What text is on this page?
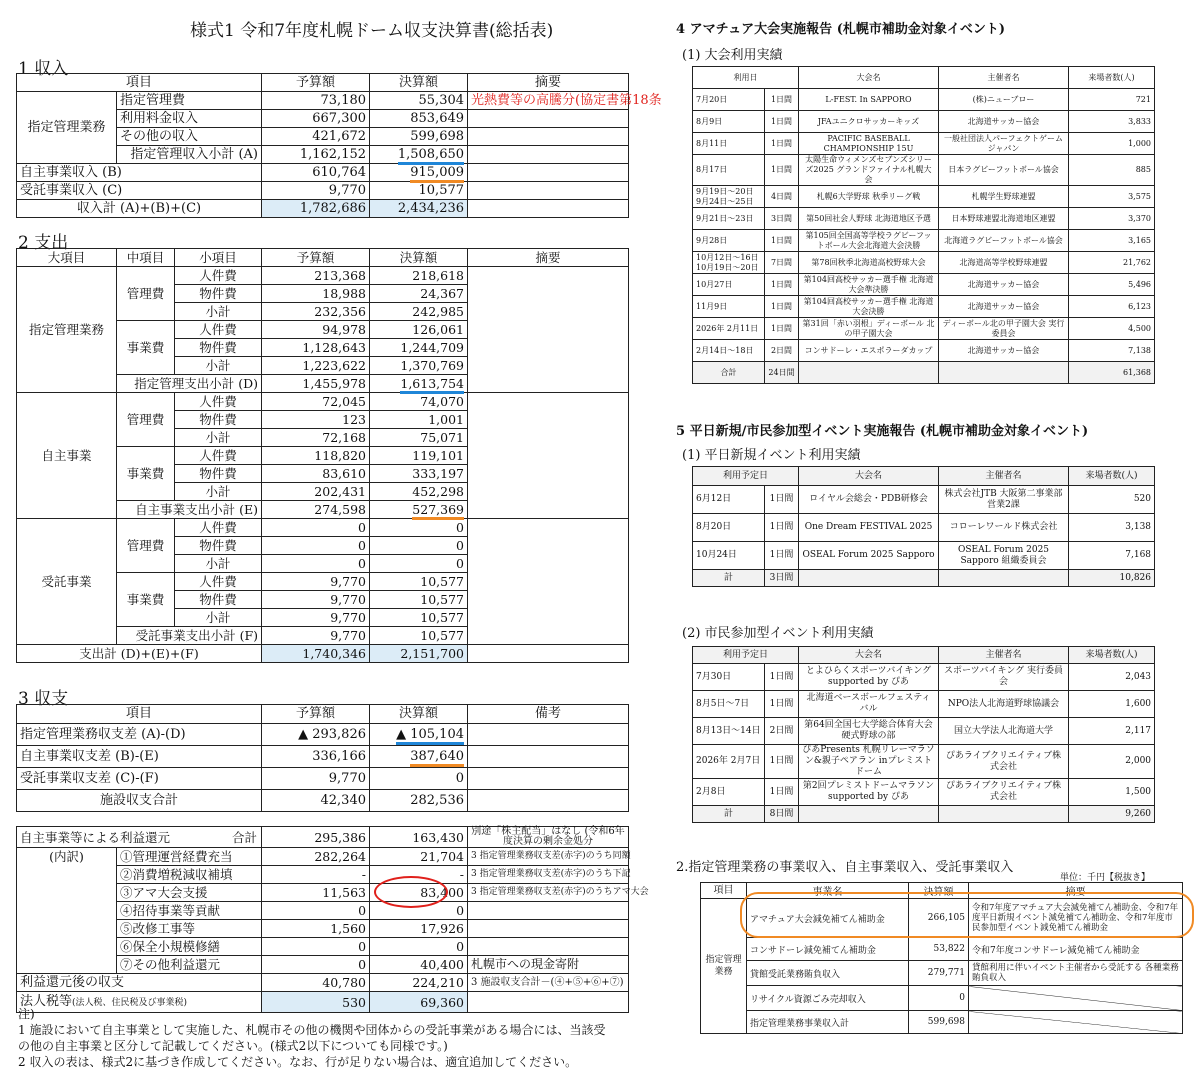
様式1 令和7年度札幌ドーム収支決算書(総括表)
1 収入
項目		予算額	決算額	摘要
指定管理業務	指定管理費	73,180	55,304	光熱費等の高騰分(協定書第18条
	利用料金収入	667,300	853,649	
	その他の収入	421,672	599,698	
	指定管理収入小計 (A)	1,162,152	1,508,650	
自主事業収入 (B)		610,764	915,009	
受託事業収入 (C)		9,770	10,577	
収入計 (A)+(B)+(C)		1,782,686	2,434,236	
2 支出
大項目	中項目	小項目	予算額	決算額	摘要
指定管理業務	管理費	人件費	213,368	218,618	
		物件費	18,988	24,367	
		小計	232,356	242,985	
	事業費	人件費	94,978	126,061	
		物件費	1,128,643	1,244,709	
		小計	1,223,622	1,370,769	
	指定管理支出小計 (D)		1,455,978	1,613,754	
自主事業	管理費	人件費	72,045	74,070	
		物件費	123	1,001	
		小計	72,168	75,071	
	事業費	人件費	118,820	119,101	
		物件費	83,610	333,197	
		小計	202,431	452,298	
	自主事業支出小計 (E)		274,598	527,369	
受託事業	管理費	人件費	0	0	
		物件費	0	0	
		小計	0	0	
	事業費	人件費	9,770	10,577	
		物件費	9,770	10,577	
		小計	9,770	10,577	
	受託事業支出小計 (F)		9,770	10,577	
支出計 (D)+(E)+(F)			1,740,346	2,151,700	
3 収支
項目	予算額	決算額	備考
指定管理業務収支差 (A)-(D)	▲ 293,826	▲ 105,104	
自主事業収支差 (B)-(E)	336,166	387,640	
受託事業収支差 (C)-(F)	9,770	0	
施設収支合計	42,340	282,536	
自主事業等による利益還元 合計		295,386	163,430	別途「株主配当」はなし (令和6年度決算の剰余金処分
(内訳)	①管理運営経費充当	282,264	21,704	3 指定管理業務収支差(赤字)のうち同額
	②消費増税減収補填	-	-	3 指定管理業務収支差(赤字)のうち下記
	③アマ大会支援	11,563	83,400	3 指定管理業務収支差(赤字)のうちアマ大会
	④招待事業等貢献	0	0	
	⑤改修工事等	1,560	17,926	
	⑥保全小規模修繕	0	0	
	⑦その他利益還元	0	40,400	札幌市への現金寄附
利益還元後の収支		40,780	224,210	3 施設収支合計－(④+⑤+⑥+⑦)
法人税等(法人税、住民税及び事業税)		530	69,360	
注)
1 施設において自主事業として実施した、札幌市その他の機関や団体からの受託事業がある場合には、当該受
の他の自主事業と区分して記載してください。(様式2以下についても同様です。)
2 収入の表は、様式2に基づき作成してください。なお、行が足りない場合は、適宜追加してください。
4 アマチュア大会実施報告 (札幌市補助金対象イベント)
(1) 大会利用実績
利用日		大会名	主催者名	来場者数(人)
7月20日	1日間	L-FEST. In SAPPORO	(株)ニューブロー	721
8月9日	1日間	JFAユニクロサッカーキッズ	北海道サッカー協会	3,833
8月11日	1日間	PACIFIC BASEBALL CHAMPIONSHIP 15U	一般社団法人パーフェクトゲームジャパン	1,000
8月17日	1日間	太陽生命ウィメンズセブンズシリーズ2025 グランドファイナル札幌大会	日本ラグビーフットボール協会	885
9月19日～20日 9月24日～25日	4日間	札幌6大学野球 秋季リーグ戦	札幌学生野球連盟	3,575
9月21日～23日	3日間	第50回社会人野球 北海道地区予選	日本野球連盟北海道地区連盟	3,370
9月28日	1日間	第105回全国高等学校ラグビーフットボール大会北海道大会決勝	北海道ラグビーフットボール協会	3,165
10月12日～16日 10月19日～20日	7日間	第78回秋季北海道高校野球大会	北海道高等学校野球連盟	21,762
10月27日	1日間	第104回高校サッカー選手権 北海道大会準決勝	北海道サッカー協会	5,496
11月9日	1日間	第104回高校サッカー選手権 北海道大会決勝	北海道サッカー協会	6,123
2026年 2月11日	1日間	第31回「赤い羽根」ディーボール 北の甲子園大会	ディーボール北の甲子園大会 実行委員会	4,500
2月14日～18日	2日間	コンサドーレ・エスポラーダカップ	北海道サッカー協会	7,138
合計	24日間			61,368
5 平日新規/市民参加型イベント実施報告 (札幌市補助金対象イベント)
(1) 平日新規イベント利用実績
利用予定日		大会名	主催者名	来場者数(人)
6月12日	1日間	ロイヤル会総会・PDB研修会	株式会社JTB 大阪第二事業部 営業2課	520
8月20日	1日間	One Dream FESTIVAL 2025	コローレワールド株式会社	3,138
10月24日	1日間	OSEAL Forum 2025 Sapporo	OSEAL Forum 2025 Sapporo 組織委員会	7,168
計	3日間			10,826
(2) 市民参加型イベント利用実績
利用予定日		大会名	主催者名	来場者数(人)
7月30日	1日間	とよひらくスポーツバイキング supported by ぴあ	スポーツバイキング 実行委員会	2,043
8月5日～7日	1日間	北海道ベースボールフェスティバル	NPO法人北海道野球協議会	1,600
8月13日～14日	2日間	第64回全国七大学総合体育大会 硬式野球の部	国立大学法人北海道大学	2,117
2026年 2月7日	1日間	ぴあPresents 札幌リレーマラソン&親子ペアラン inプレミストドーム	ぴあライブクリエイティブ株式会社	2,000
2月8日	1日間	第2回プレミストドームマラソン supported by ぴあ	ぴあライブクリエイティブ株式会社	1,500
計	8日間			9,260
2.指定管理業務の事業収入、自主事業収入、受託事業収入
単位：千円【税抜き】
項目	事業名	決算額	摘要
指定管理 業務	アマチュア大会減免補てん補助金	266,105	令和7年度アマチュア大会減免補てん補助金、令和7年度平日新規イベント減免補てん補助金、令和7年度市民参加型イベント減免補てん補助金
	コンサドーレ減免補てん補助金	53,822	令和7年度コンサドーレ減免補てん補助金
	貸館受託業務賄負収入	279,771	貸館利用に伴いイベント主催者から受託する 各種業務賄負収入
	リサイクル資源ごみ売却収入	0	
	指定管理業務事業収入計	599,698	
